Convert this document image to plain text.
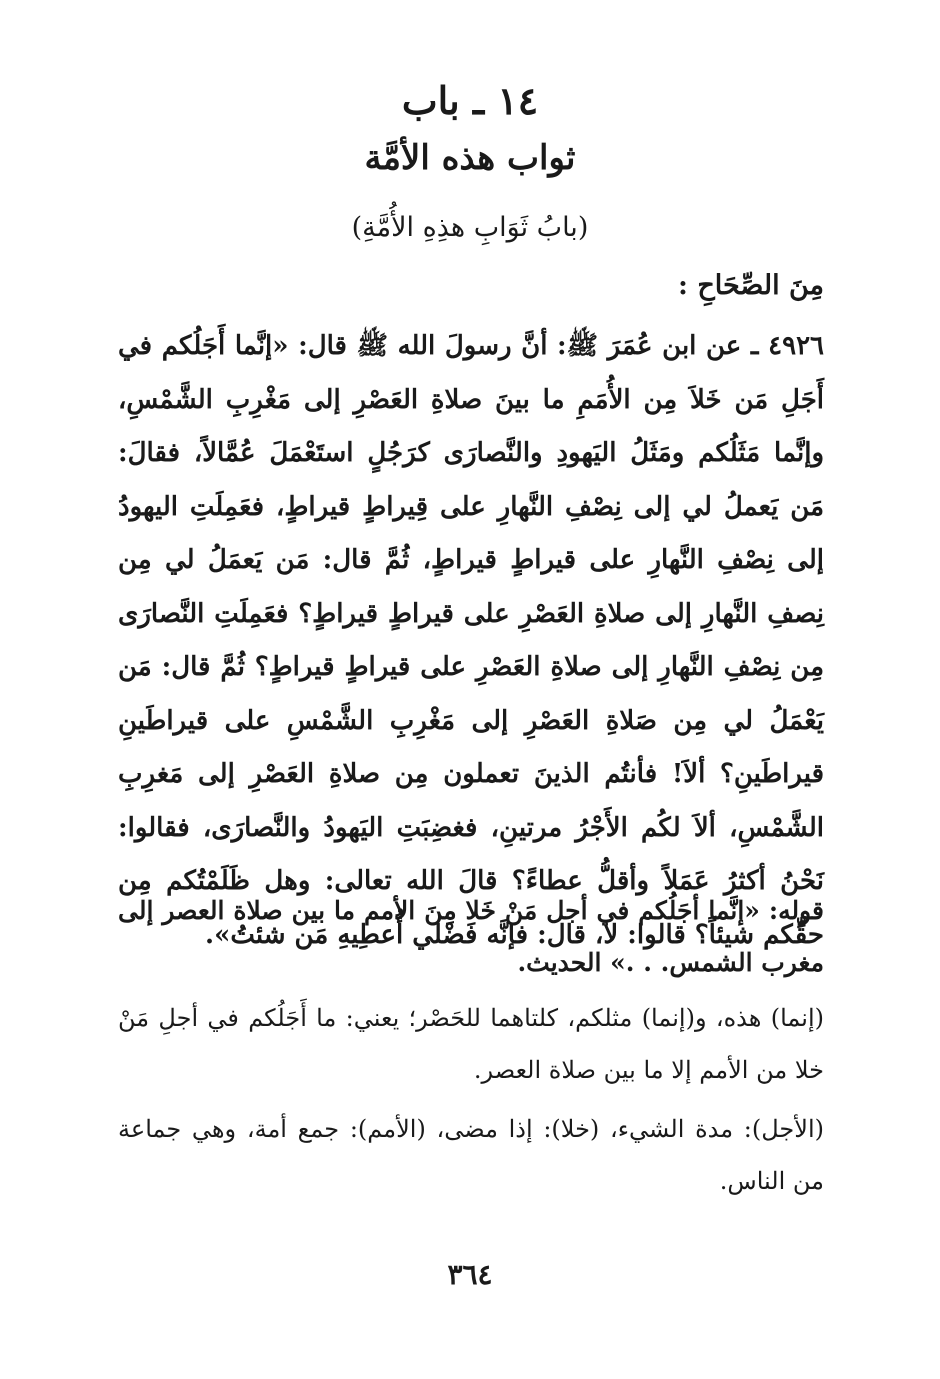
١٤ ـ باب
ثواب هذه الأمَّة

(بابُ ثَوَابِ هذِهِ الأُمَّةِ)

مِنَ الصِّحَاحِ :

٤٩٢٦ ـ عن ابن عُمَرَ ﷺ: أنَّ رسولَ الله ﷺ قال: «إنَّما أَجَلُكم في أَجَلِ مَن خَلاَ مِن الأُمَمِ ما بينَ صلاةِ العَصْرِ إلى مَغْرِبِ الشَّمْسِ، وإنَّما مَثَلُكم ومَثَلُ اليَهودِ والنَّصارَى كرَجُلٍ استَعْمَلَ عُمَّالاً، فقالَ: مَن يَعملُ لي إلى نِصْفِ النَّهارِ على قِيراطٍ قيراطٍ، فعَمِلَتِ اليهودُ إلى نِصْفِ النَّهارِ على قيراطٍ قيراطٍ، ثُمَّ قال: مَن يَعمَلُ لي مِن نِصفِ النَّهارِ إلى صلاةِ العَصْرِ على قيراطٍ قيراطٍ؟ فعَمِلَتِ النَّصارَى مِن نِصْفِ النَّهارِ إلى صلاةِ العَصْرِ على قيراطٍ قيراطٍ؟ ثُمَّ قال: مَن يَعْمَلُ لي مِن صَلاةِ العَصْرِ إلى مَغْرِبِ الشَّمْسِ على قيراطَينِ قيراطَينِ؟ ألاَ! فأنتُم الذينَ تعملون مِن صلاةِ العَصْرِ إلى مَغرِبِ الشَّمْسِ، ألاَ لكُم الأَجْرُ مرتينِ، فغضِبَتِ اليَهودُ والنَّصارَى، فقالوا: نَحْنُ أكثرُ عَمَلاً وأقلُّ عطاءً؟ قالَ الله تعالى: وهل ظَلَمْتُكم مِن حقِّكم شيئاً؟ قالوا: لا، قال: فإنَّه فَضْلي أُعطِيهِ مَن شئتُ».

قوله: «إنَّما أجَلُكم في أجل مَنْ خَلا مِنَ الأمم ما بين صلاة العصر إلى مغرب الشمس. . .» الحديث.

(إنما) هذه، و(إنما) مثلكم، كلتاهما للحَصْر؛ يعني: ما أَجَلُكم في أجلِ مَنْ خلا من الأمم إلا ما بين صلاة العصر.

(الأجل): مدة الشيء، (خلا): إذا مضى، (الأمم): جمع أمة، وهي جماعة من الناس.

٣٦٤
